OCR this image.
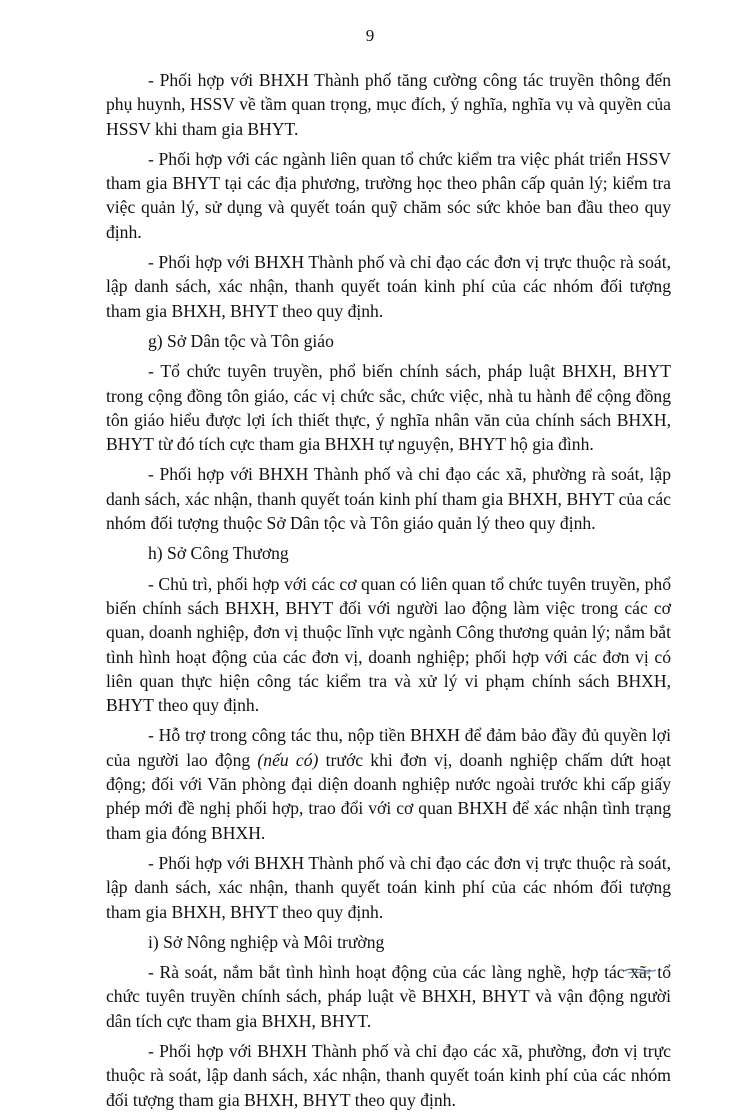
9

- Phối hợp với BHXH Thành phố tăng cường công tác truyền thông đến phụ huynh, HSSV về tầm quan trọng, mục đích, ý nghĩa, nghĩa vụ và quyền của HSSV khi tham gia BHYT.

- Phối hợp với các ngành liên quan tổ chức kiểm tra việc phát triển HSSV tham gia BHYT tại các địa phương, trường học theo phân cấp quản lý; kiểm tra việc quản lý, sử dụng và quyết toán quỹ chăm sóc sức khỏe ban đầu theo quy định.

- Phối hợp với BHXH Thành phố và chỉ đạo các đơn vị trực thuộc rà soát, lập danh sách, xác nhận, thanh quyết toán kinh phí của các nhóm đối tượng tham gia BHXH, BHYT theo quy định.

g) Sở Dân tộc và Tôn giáo

- Tổ chức tuyên truyền, phổ biến chính sách, pháp luật BHXH, BHYT trong cộng đồng tôn giáo, các vị chức sắc, chức việc, nhà tu hành để cộng đồng tôn giáo hiểu được lợi ích thiết thực, ý nghĩa nhân văn của chính sách BHXH, BHYT từ đó tích cực tham gia BHXH tự nguyện, BHYT hộ gia đình.

- Phối hợp với BHXH Thành phố và chỉ đạo các xã, phường rà soát, lập danh sách, xác nhận, thanh quyết toán kinh phí tham gia BHXH, BHYT của các nhóm đối tượng thuộc Sở Dân tộc và Tôn giáo quản lý theo quy định.

h) Sở Công Thương

- Chủ trì, phối hợp với các cơ quan có liên quan tổ chức tuyên truyền, phổ biến chính sách BHXH, BHYT đối với người lao động làm việc trong các cơ quan, doanh nghiệp, đơn vị thuộc lĩnh vực ngành Công thương quản lý; nắm bắt tình hình hoạt động của các đơn vị, doanh nghiệp; phối hợp với các đơn vị có liên quan thực hiện công tác kiểm tra và xử lý vi phạm chính sách BHXH, BHYT theo quy định.

- Hỗ trợ trong công tác thu, nộp tiền BHXH để đảm bảo đầy đủ quyền lợi của người lao động (nếu có) trước khi đơn vị, doanh nghiệp chấm dứt hoạt động; đối với Văn phòng đại diện doanh nghiệp nước ngoài trước khi cấp giấy phép mới đề nghị phối hợp, trao đổi với cơ quan BHXH để xác nhận tình trạng tham gia đóng BHXH.

- Phối hợp với BHXH Thành phố và chỉ đạo các đơn vị trực thuộc rà soát, lập danh sách, xác nhận, thanh quyết toán kinh phí của các nhóm đối tượng tham gia BHXH, BHYT theo quy định.

i) Sở Nông nghiệp và Môi trường

- Rà soát, nắm bắt tình hình hoạt động của các làng nghề, hợp tác xã; tổ chức tuyên truyền chính sách, pháp luật về BHXH, BHYT và vận động người dân tích cực tham gia BHXH, BHYT.

- Phối hợp với BHXH Thành phố và chỉ đạo các xã, phường, đơn vị trực thuộc rà soát, lập danh sách, xác nhận, thanh quyết toán kinh phí của các nhóm đối tượng tham gia BHXH, BHYT theo quy định.
